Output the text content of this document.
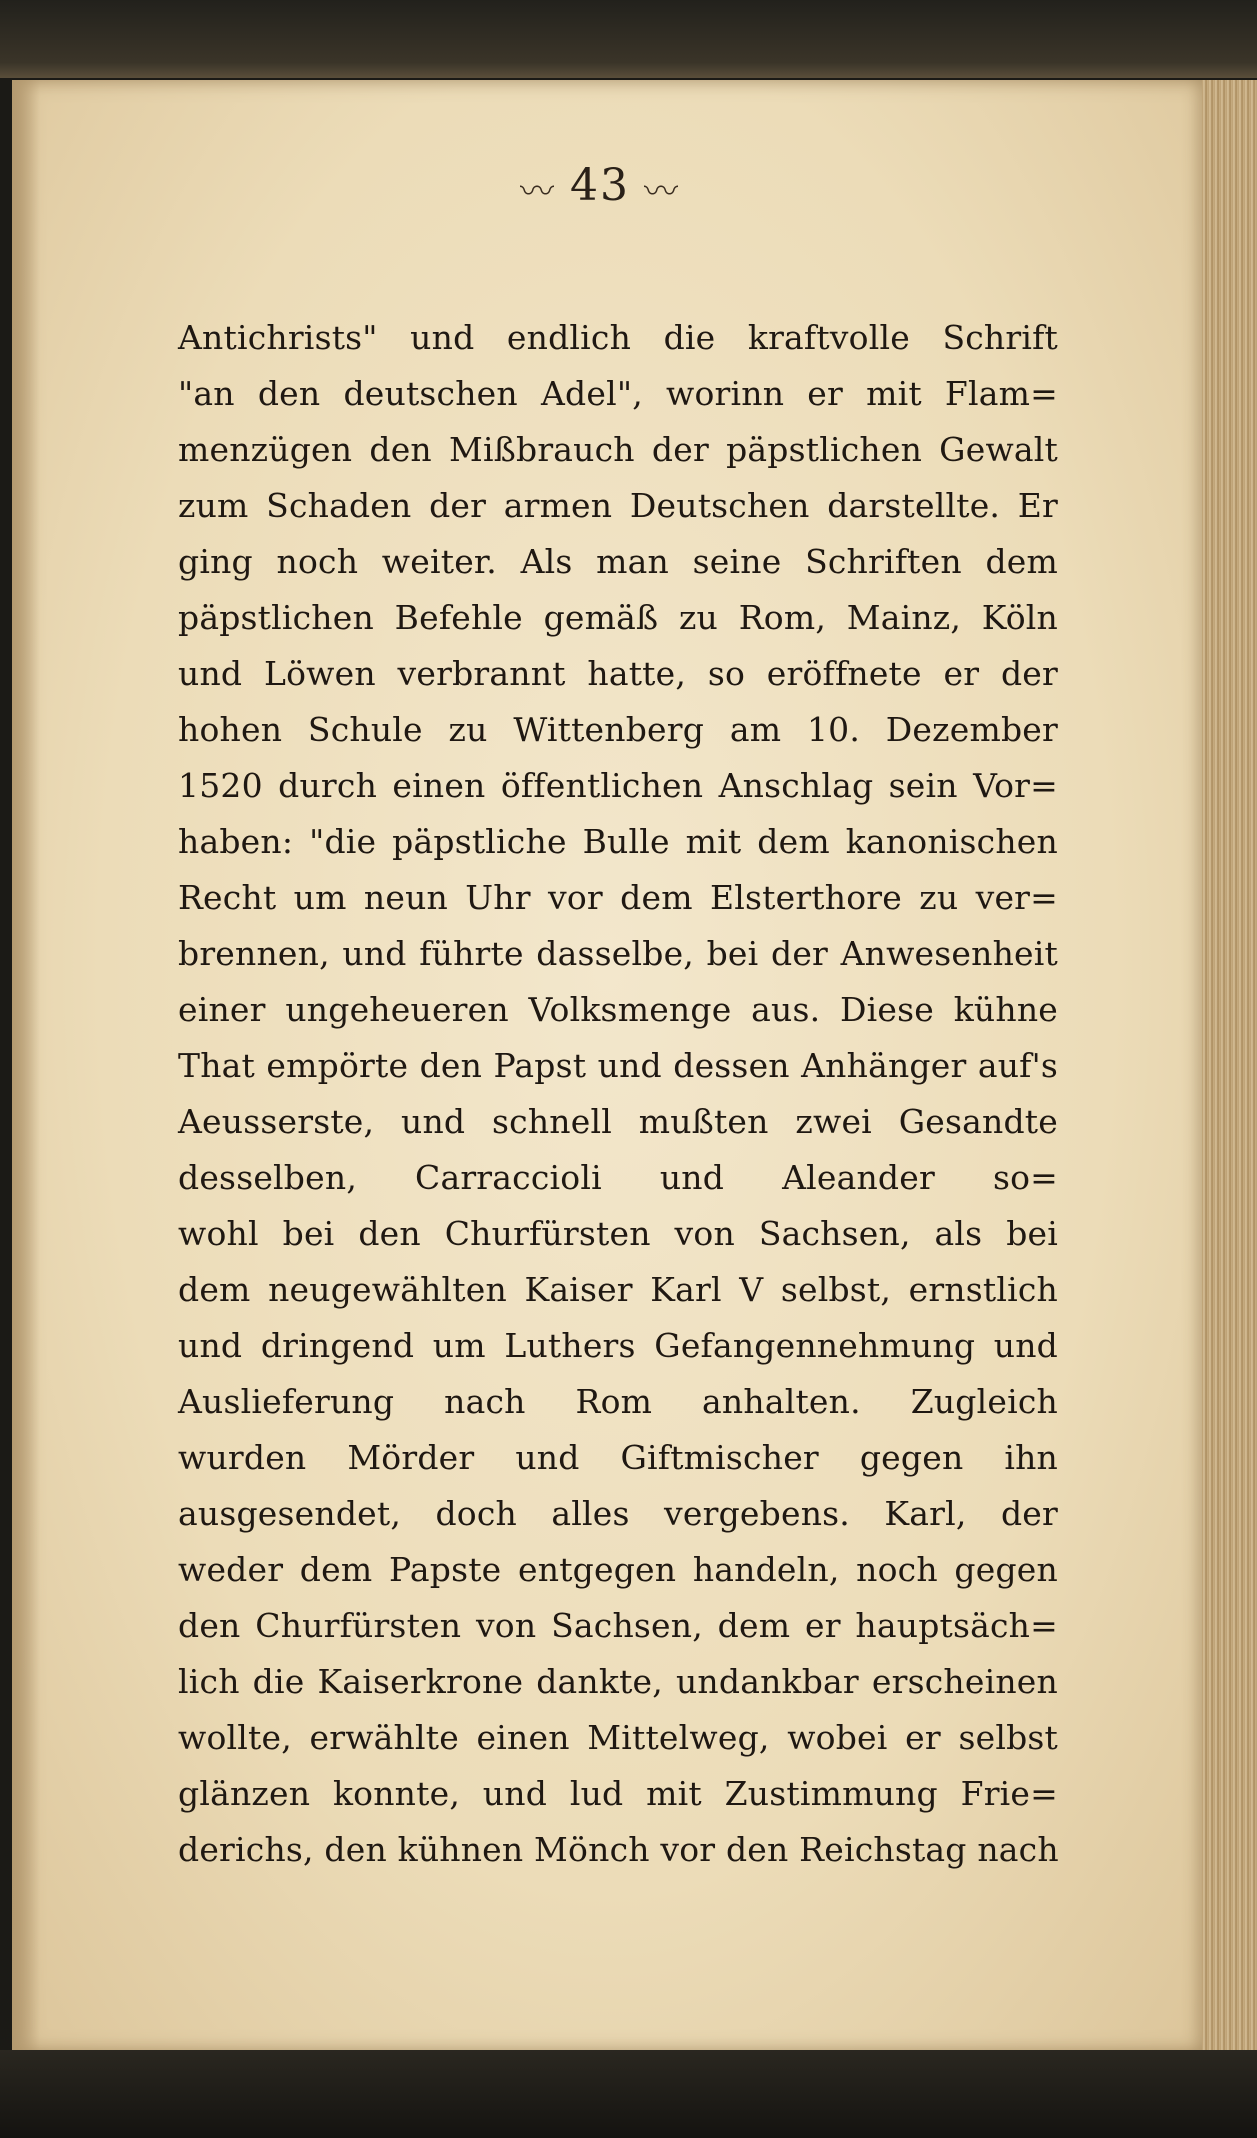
〰 43 〰
Antichrists" und endlich die kraftvolle Schrift
"an den deutschen Adel", worinn er mit Flam=
menzügen den Mißbrauch der päpstlichen Gewalt
zum Schaden der armen Deutschen darstellte. Er
ging noch weiter. Als man seine Schriften dem
päpstlichen Befehle gemäß zu Rom, Mainz, Köln
und Löwen verbrannt hatte, so eröffnete er der
hohen Schule zu Wittenberg am 10. Dezember
1520 durch einen öffentlichen Anschlag sein Vor=
haben: "die päpstliche Bulle mit dem kanonischen
Recht um neun Uhr vor dem Elsterthore zu ver=
brennen, und führte dasselbe, bei der Anwesenheit
einer ungeheueren Volksmenge aus. Diese kühne
That empörte den Papst und dessen Anhänger auf's
Aeusserste, und schnell mußten zwei Gesandte
desselben, Carraccioli und Aleander so=
wohl bei den Churfürsten von Sachsen, als bei
dem neugewählten Kaiser Karl V selbst, ernstlich
und dringend um Luthers Gefangennehmung und
Auslieferung nach Rom anhalten. Zugleich
wurden Mörder und Giftmischer gegen ihn
ausgesendet, doch alles vergebens. Karl, der
weder dem Papste entgegen handeln, noch gegen
den Churfürsten von Sachsen, dem er hauptsäch=
lich die Kaiserkrone dankte, undankbar erscheinen
wollte, erwählte einen Mittelweg, wobei er selbst
glänzen konnte, und lud mit Zustimmung Frie=
derichs, den kühnen Mönch vor den Reichstag nach
